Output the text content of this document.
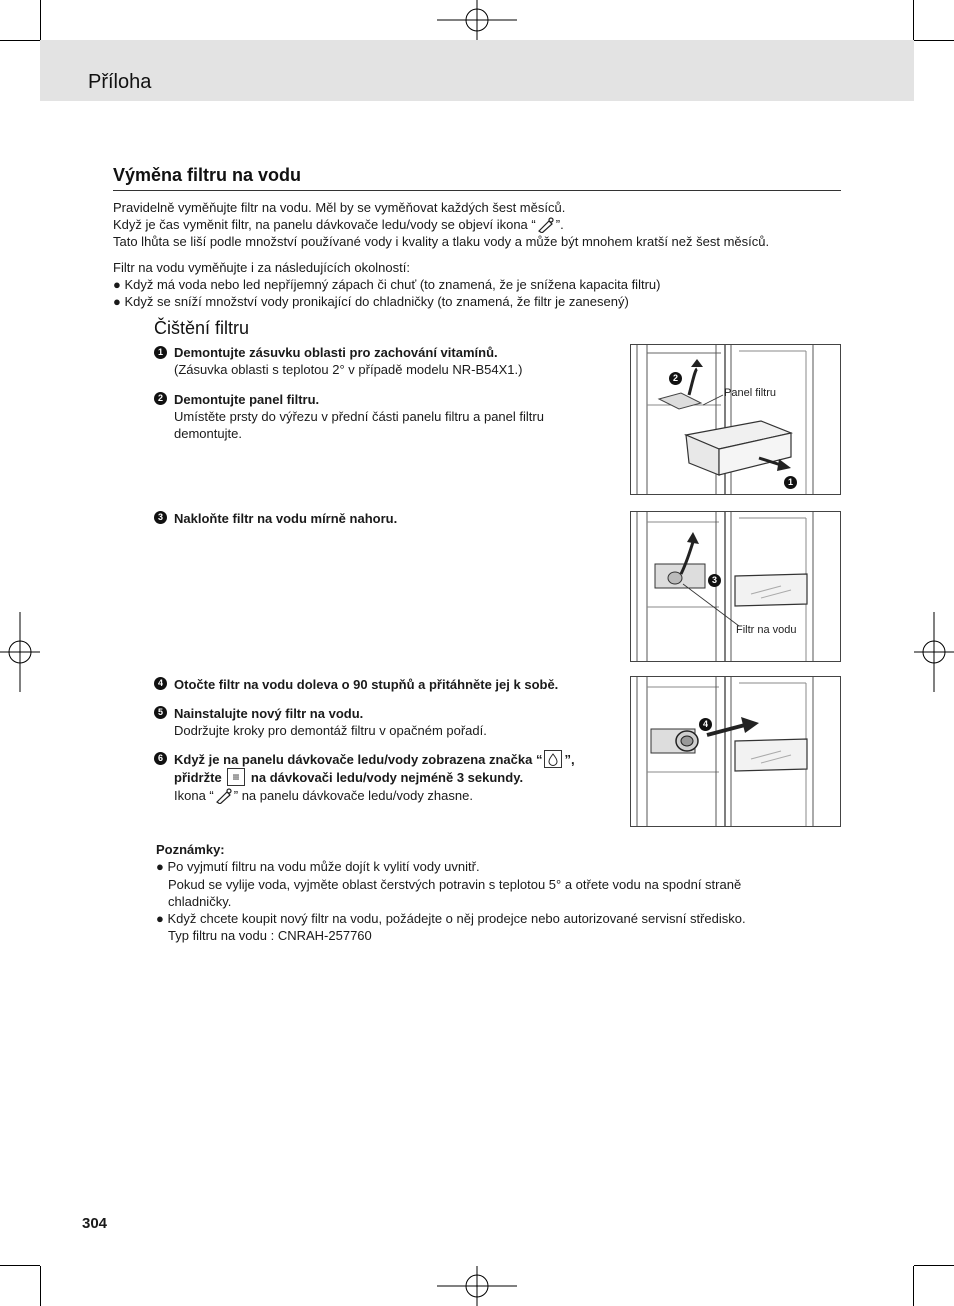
Příloha
Výměna filtru na vodu
Pravidelně vyměňujte filtr na vodu. Měl by se vyměňovat každých šest měsíců.
Když je čas vyměnit filtr, na panelu dávkovače ledu/vody se objeví ikona “ ”.
Tato lhůta se liší podle množství používané vody i kvality a tlaku vody a může být mnohem kratší než šest měsíců.
Filtr na vodu vyměňujte i za následujících okolností:
● Když má voda nebo led nepříjemný zápach či chuť (to znamená, že je snížena kapacita filtru)
● Když se sníží množství vody pronikající do chladničky (to znamená, že filtr je zanesený)
Čištění filtru
1 Demontujte zásuvku oblasti pro zachování vitamínů.
(Zásuvka oblasti s teplotou 2° v případě modelu NR-B54X1.)
2 Demontujte panel filtru.
Umístěte prsty do výřezu v přední části panelu filtru a panel filtru
demontujte.
3 Nakloňte filtr na vodu mírně nahoru.
4 Otočte filtr na vodu doleva o 90 stupňů a přitáhněte jej k sobě.
5 Nainstalujte nový filtr na vodu.
Dodržujte kroky pro demontáž filtru v opačném pořadí.
6 Když je na panelu dávkovače ledu/vody zobrazena značka “ ”,
přidržte na dávkovači ledu/vody nejméně 3 sekundy.
Ikona “ ” na panelu dávkovače ledu/vody zhasne.
2
1
Panel filtru
3
Filtr na vodu
4
Poznámky:
● Po vyjmutí filtru na vodu může dojít k vylití vody uvnitř.
Pokud se vylije voda, vyjměte oblast čerstvých potravin s teplotou 5° a otřete vodu na spodní straně
chladničky.
● Když chcete koupit nový filtr na vodu, požádejte o něj prodejce nebo autorizované servisní středisko.
Typ filtru na vodu : CNRAH-257760
304
